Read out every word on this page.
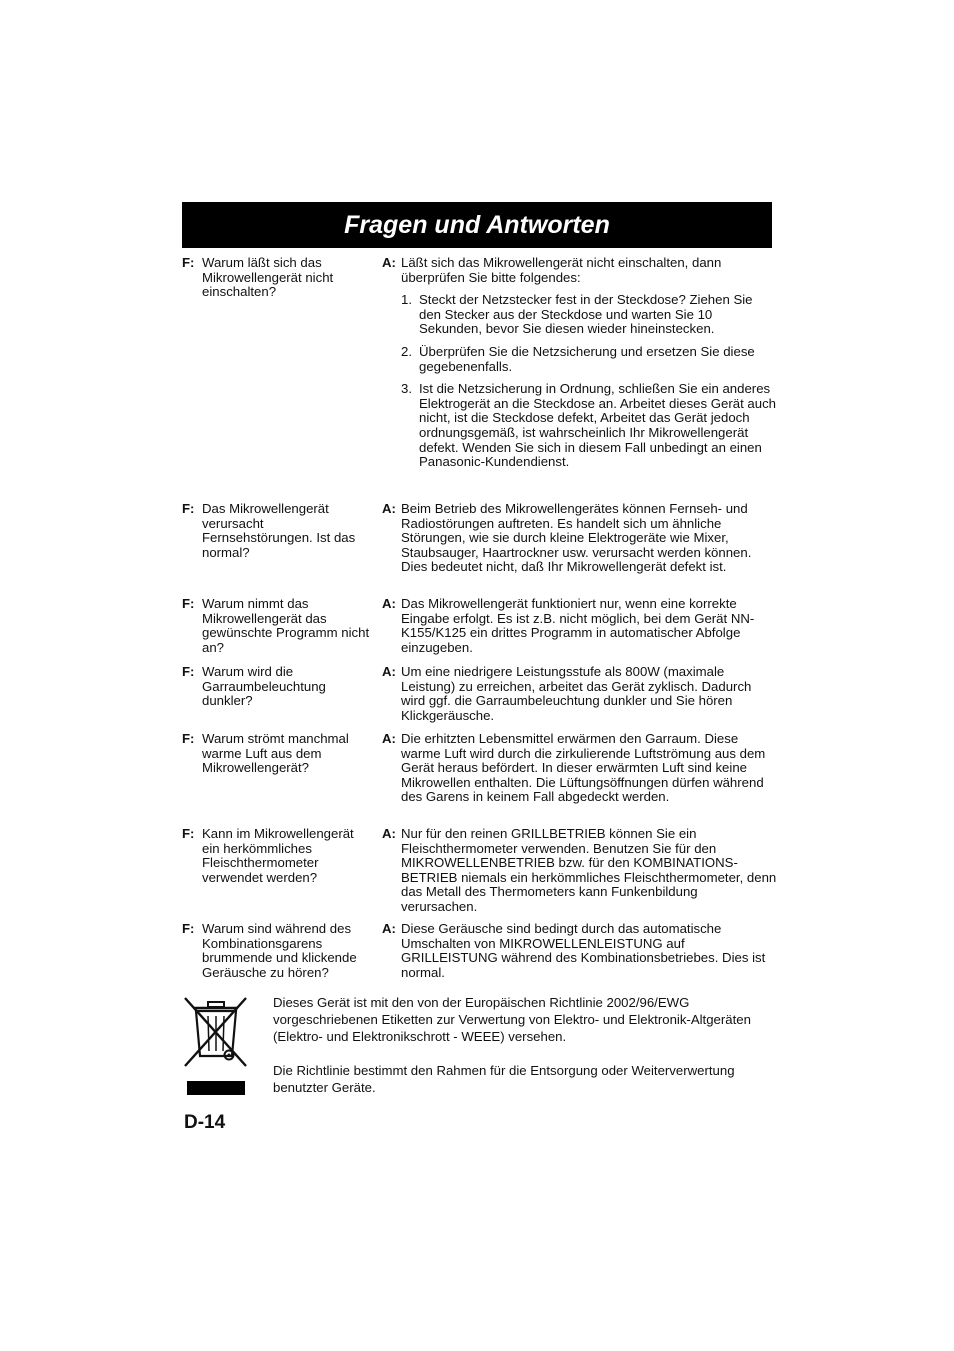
Fragen und Antworten
F: Warum läßt sich das Mikrowellengerät nicht einschalten?
A: Läßt sich das Mikrowellengerät nicht einschalten, dann überprüfen Sie bitte folgendes:
1. Steckt der Netzstecker fest in der Steckdose? Ziehen Sie den Stecker aus der Steckdose und warten Sie 10 Sekunden, bevor Sie diesen wieder hineinstecken.
2. Überprüfen Sie die Netzsicherung und ersetzen Sie diese gegebenenfalls.
3. Ist die Netzsicherung in Ordnung, schließen Sie ein anderes Elektrogerät an die Steckdose an. Arbeitet dieses Gerät auch nicht, ist die Steckdose defekt, Arbeitet das Gerät jedoch ordnungsgemäß, ist wahrscheinlich Ihr Mikrowellengerät defekt. Wenden Sie sich in diesem Fall unbedingt an einen Panasonic-Kundendienst.
F: Das Mikrowellengerät verursacht Fernsehstörungen. Ist das normal?
A: Beim Betrieb des Mikrowellengerätes können Fernseh- und Radiostörungen auftreten. Es handelt sich um ähnliche Störungen, wie sie durch kleine Elektrogeräte wie Mixer, Staubsauger, Haartrockner usw. verursacht werden können. Dies bedeutet nicht, daß Ihr Mikrowellengerät defekt ist.
F: Warum nimmt das Mikrowellengerät das gewünschte Programm nicht an?
A: Das Mikrowellengerät funktioniert nur, wenn eine korrekte Eingabe erfolgt. Es ist z.B. nicht möglich, bei dem Gerät NN-K155/K125 ein drittes Programm in automatischer Abfolge einzugeben.
F: Warum wird die Garraumbeleuchtung dunkler?
A: Um eine niedrigere Leistungsstufe als 800W (maximale Leistung) zu erreichen, arbeitet das Gerät zyklisch. Dadurch wird ggf. die Garraumbeleuchtung dunkler und Sie hören Klickgeräusche.
F: Warum strömt manchmal warme Luft aus dem Mikrowellengerät?
A: Die erhitzten Lebensmittel erwärmen den Garraum. Diese warme Luft wird durch die zirkulierende Luftströmung aus dem Gerät heraus befördert. In dieser erwärmten Luft sind keine Mikrowellen enthalten. Die Lüftungsöffnungen dürfen während des Garens in keinem Fall abgedeckt werden.
F: Kann im Mikrowellengerät ein herkömmliches Fleischthermometer verwendet werden?
A: Nur für den reinen GRILLBETRIEB können Sie ein Fleischthermometer verwenden. Benutzen Sie für den MIKROWELLENBETRIEB bzw. für den KOMBINATIONS-BETRIEB niemals ein herkömmliches Fleischthermometer, denn das Metall des Thermometers kann Funkenbildung verursachen.
F: Warum sind während des Kombinationsgarens brummende und klickende Geräusche zu hören?
A: Diese Geräusche sind bedingt durch das automatische Umschalten von MIKROWELLENLEISTUNG auf GRILLEISTUNG während des Kombinationsbetriebes. Dies ist normal.

Dieses Gerät ist mit den von der Europäischen Richtlinie 2002/96/EWG vorgeschriebenen Etiketten zur Verwertung von Elektro- und Elektronik-Altgeräten (Elektro- und Elektronikschrott - WEEE) versehen.

Die Richtlinie bestimmt den Rahmen für die Entsorgung oder Weiterverwertung benutzter Geräte.

D-14
